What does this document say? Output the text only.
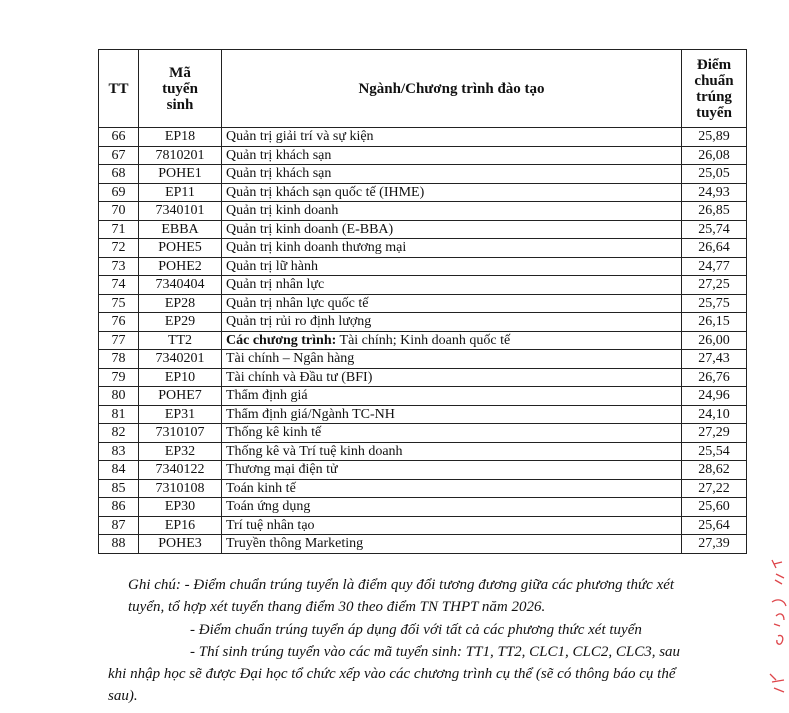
TT	Mã tuyển sinh	Ngành/Chương trình đào tạo	Điểm chuẩn trúng tuyển
66	EP18	Quản trị giải trí và sự kiện	25,89
67	7810201	Quản trị khách sạn	26,08
68	POHE1	Quản trị khách sạn	25,05
69	EP11	Quản trị khách sạn quốc tế (IHME)	24,93
70	7340101	Quản trị kinh doanh	26,85
71	EBBA	Quản trị kinh doanh (E-BBA)	25,74
72	POHE5	Quản trị kinh doanh thương mại	26,64
73	POHE2	Quản trị lữ hành	24,77
74	7340404	Quản trị nhân lực	27,25
75	EP28	Quản trị nhân lực quốc tế	25,75
76	EP29	Quản trị rủi ro định lượng	26,15
77	TT2	Các chương trình: Tài chính; Kinh doanh quốc tế	26,00
78	7340201	Tài chính – Ngân hàng	27,43
79	EP10	Tài chính và Đầu tư (BFI)	26,76
80	POHE7	Thẩm định giá	24,96
81	EP31	Thẩm định giá/Ngành TC-NH	24,10
82	7310107	Thống kê kinh tế	27,29
83	EP32	Thống kê và Trí tuệ kinh doanh	25,54
84	7340122	Thương mại điện tử	28,62
85	7310108	Toán kinh tế	27,22
86	EP30	Toán ứng dụng	25,60
87	EP16	Trí tuệ nhân tạo	25,64
88	POHE3	Truyền thông Marketing	27,39

Ghi chú: - Điểm chuẩn trúng tuyển là điểm quy đổi tương đương giữa các phương thức xét

tuyển, tổ hợp xét tuyển thang điểm 30 theo điểm TN THPT năm 2026.

- Điểm chuẩn trúng tuyển áp dụng đối với tất cả các phương thức xét tuyển

- Thí sinh trúng tuyển vào các mã tuyển sinh: TT1, TT2, CLC1, CLC2, CLC3, sau

khi nhập học sẽ được Đại học tổ chức xếp vào các chương trình cụ thể (sẽ có thông báo cụ thể

sau).
